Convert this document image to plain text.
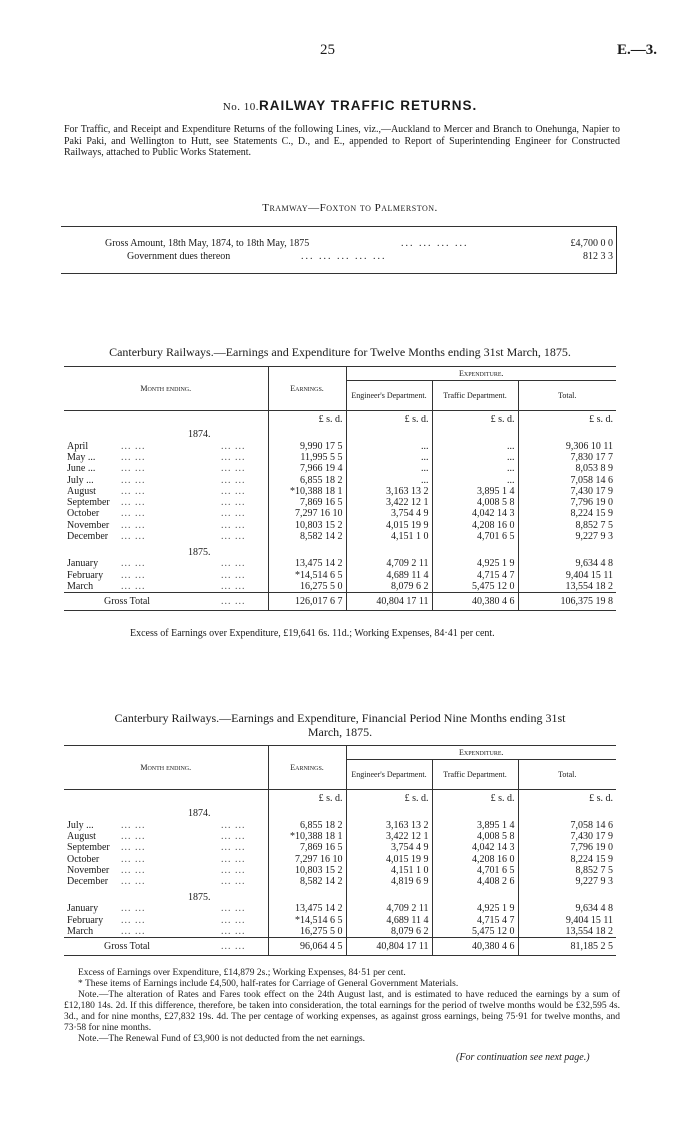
25	E.—3.
No. 10.RAILWAY TRAFFIC RETURNS.
For Traffic, and Receipt and Expenditure Returns of the following Lines, viz.,—Auckland to Mercer and Branch to Onehunga, Napier to Paki Paki, and Wellington to Hutt, see Statements C., D., and E., appended to Report of Superintending Engineer for Constructed Railways, attached to Public Works Statement.
Tramway—Foxton to Palmerston.
Gross Amount, 18th May, 1874, to 18th May, 1875	... ... ... ...	£4,700 0 0
Government dues thereon	... ... ... ... ...	812 3 3
Canterbury Railways.—Earnings and Expenditure for Twelve Months ending 31st March, 1875.
Month ending.			Earnings.	Expenditure.		
				Engineer's Department.	Traffic Department.	Total.
			£ s. d.	£ s. d.	£ s. d.	£ s. d.
1874.						
April	... ...	... ...	9,990 17 5	...	...	9,306 10 11
May ...	... ...	... ...	11,995 5 5	...	...	7,830 17 7
June ...	... ...	... ...	7,966 19 4	...	...	8,053 8 9
July ...	... ...	... ...	6,855 18 2	...	...	7,058 14 6
August	... ...	... ...	*10,388 18 1	3,163 13 2	3,895 1 4	7,430 17 9
September	... ...	... ...	7,869 16 5	3,422 12 1	4,008 5 8	7,796 19 0
October	... ...	... ...	7,297 16 10	3,754 4 9	4,042 14 3	8,224 15 9
November	... ...	... ...	10,803 15 2	4,015 19 9	4,208 16 0	8,852 7 5
December	... ...	... ...	8,582 14 2	4,151 1 0	4,701 6 5	9,227 9 3

1875.						
January	... ...	... ...	13,475 14 2	4,709 2 11	4,925 1 9	9,634 4 8
February	... ...	... ...	*14,514 6 5	4,689 11 4	4,715 4 7	9,404 15 11
March	... ...	... ...	16,275 5 0	8,079 6 2	5,475 12 0	13,554 18 2
Gross Total		... ...	126,017 6 7	40,804 17 11	40,380 4 6	106,375 19 8
Excess of Earnings over Expenditure, £19,641 6s. 11d.; Working Expenses, 84·41 per cent.
Canterbury Railways.—Earnings and Expenditure, Financial Period Nine Months ending 31st
March, 1875.
Month ending.			Earnings.	Expenditure.		
				Engineer's Department.	Traffic Department.	Total.
			£ s. d.	£ s. d.	£ s. d.	£ s. d.
1874.						
July ...	... ...	... ...	6,855 18 2	3,163 13 2	3,895 1 4	7,058 14 6
August	... ...	... ...	*10,388 18 1	3,422 12 1	4,008 5 8	7,430 17 9
September	... ...	... ...	7,869 16 5	3,754 4 9	4,042 14 3	7,796 19 0
October	... ...	... ...	7,297 16 10	4,015 19 9	4,208 16 0	8,224 15 9
November	... ...	... ...	10,803 15 2	4,151 1 0	4,701 6 5	8,852 7 5
December	... ...	... ...	8,582 14 2	4,819 6 9	4,408 2 6	9,227 9 3

1875.						
January	... ...	... ...	13,475 14 2	4,709 2 11	4,925 1 9	9,634 4 8
February	... ...	... ...	*14,514 6 5	4,689 11 4	4,715 4 7	9,404 15 11
March	... ...	... ...	16,275 5 0	8,079 6 2	5,475 12 0	13,554 18 2
Gross Total		... ...	96,064 4 5	40,804 17 11	40,380 4 6	81,185 2 5
Excess of Earnings over Expenditure, £14,879 2s.; Working Expenses, 84·51 per cent.
* These items of Earnings include £4,500, half-rates for Carriage of General Government Materials.
Note.—The alteration of Rates and Fares took effect on the 24th August last, and is estimated to have reduced the earnings by a sum of £12,180 14s. 2d. If this difference, therefore, be taken into consideration, the total earnings for the period of twelve months would be £32,595 4s. 3d., and for nine months, £27,832 19s. 4d. The per centage of working expenses, as against gross earnings, being 75·91 for twelve months, and 73·58 for nine months.
Note.—The Renewal Fund of £3,900 is not deducted from the net earnings.
(For continuation see next page.)
